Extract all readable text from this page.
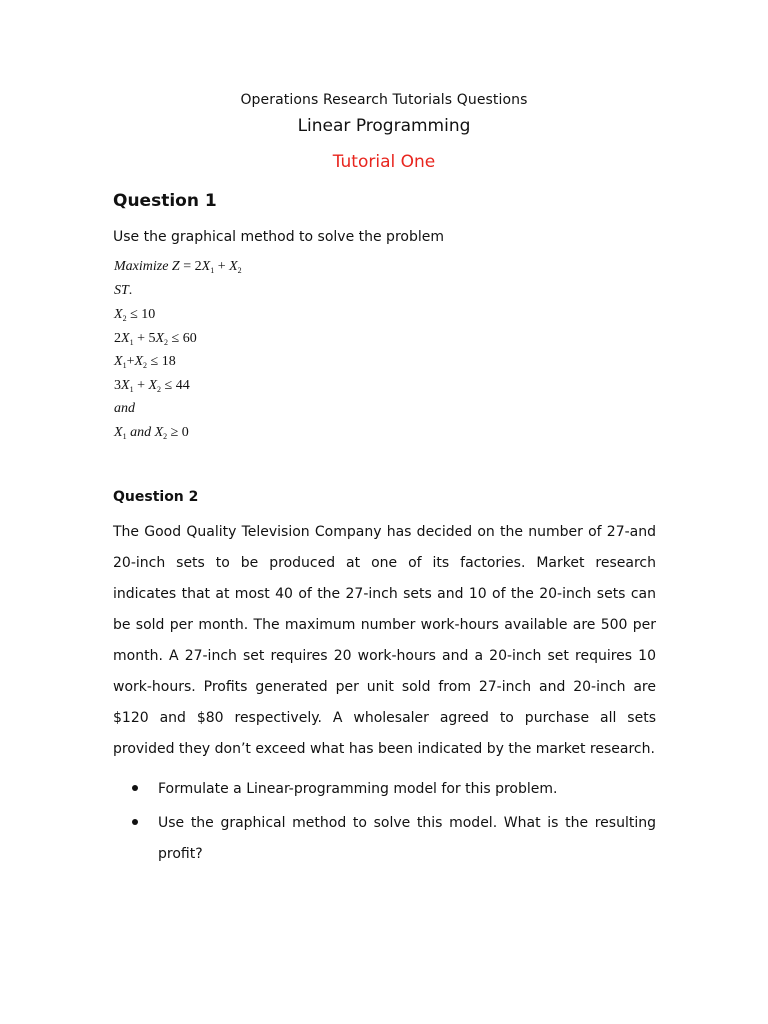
Operations Research Tutorials Questions
Linear Programming
Tutorial One
Question 1
Use the graphical method to solve the problem
Maximize $Z = 2X_1 + X_2$
ST.
$X_2 \le 10$
$2X_1 + 5X_2 \le 60$
$X_1+X_2 \le 18$
$3X_1 + X_2 \le 44$
and
$X_1$ and $X_2 \ge 0$
Question 2
The Good Quality Television Company has decided on the number of 27-and
20-inch sets to be produced at one of its factories. Market research
indicates that at most 40 of the 27-inch sets and 10 of the 20-inch sets can
be sold per month. The maximum number work-hours available are 500 per
month. A 27-inch set requires 20 work-hours and a 20-inch set requires 10
work-hours. Profits generated per unit sold from 27-inch and 20-inch are
$120 and $80 respectively. A wholesaler agreed to purchase all sets
provided they don’t exceed what has been indicated by the market research.
Formulate a Linear-programming model for this problem.
Use the graphical method to solve this model. What is the resulting
profit?
